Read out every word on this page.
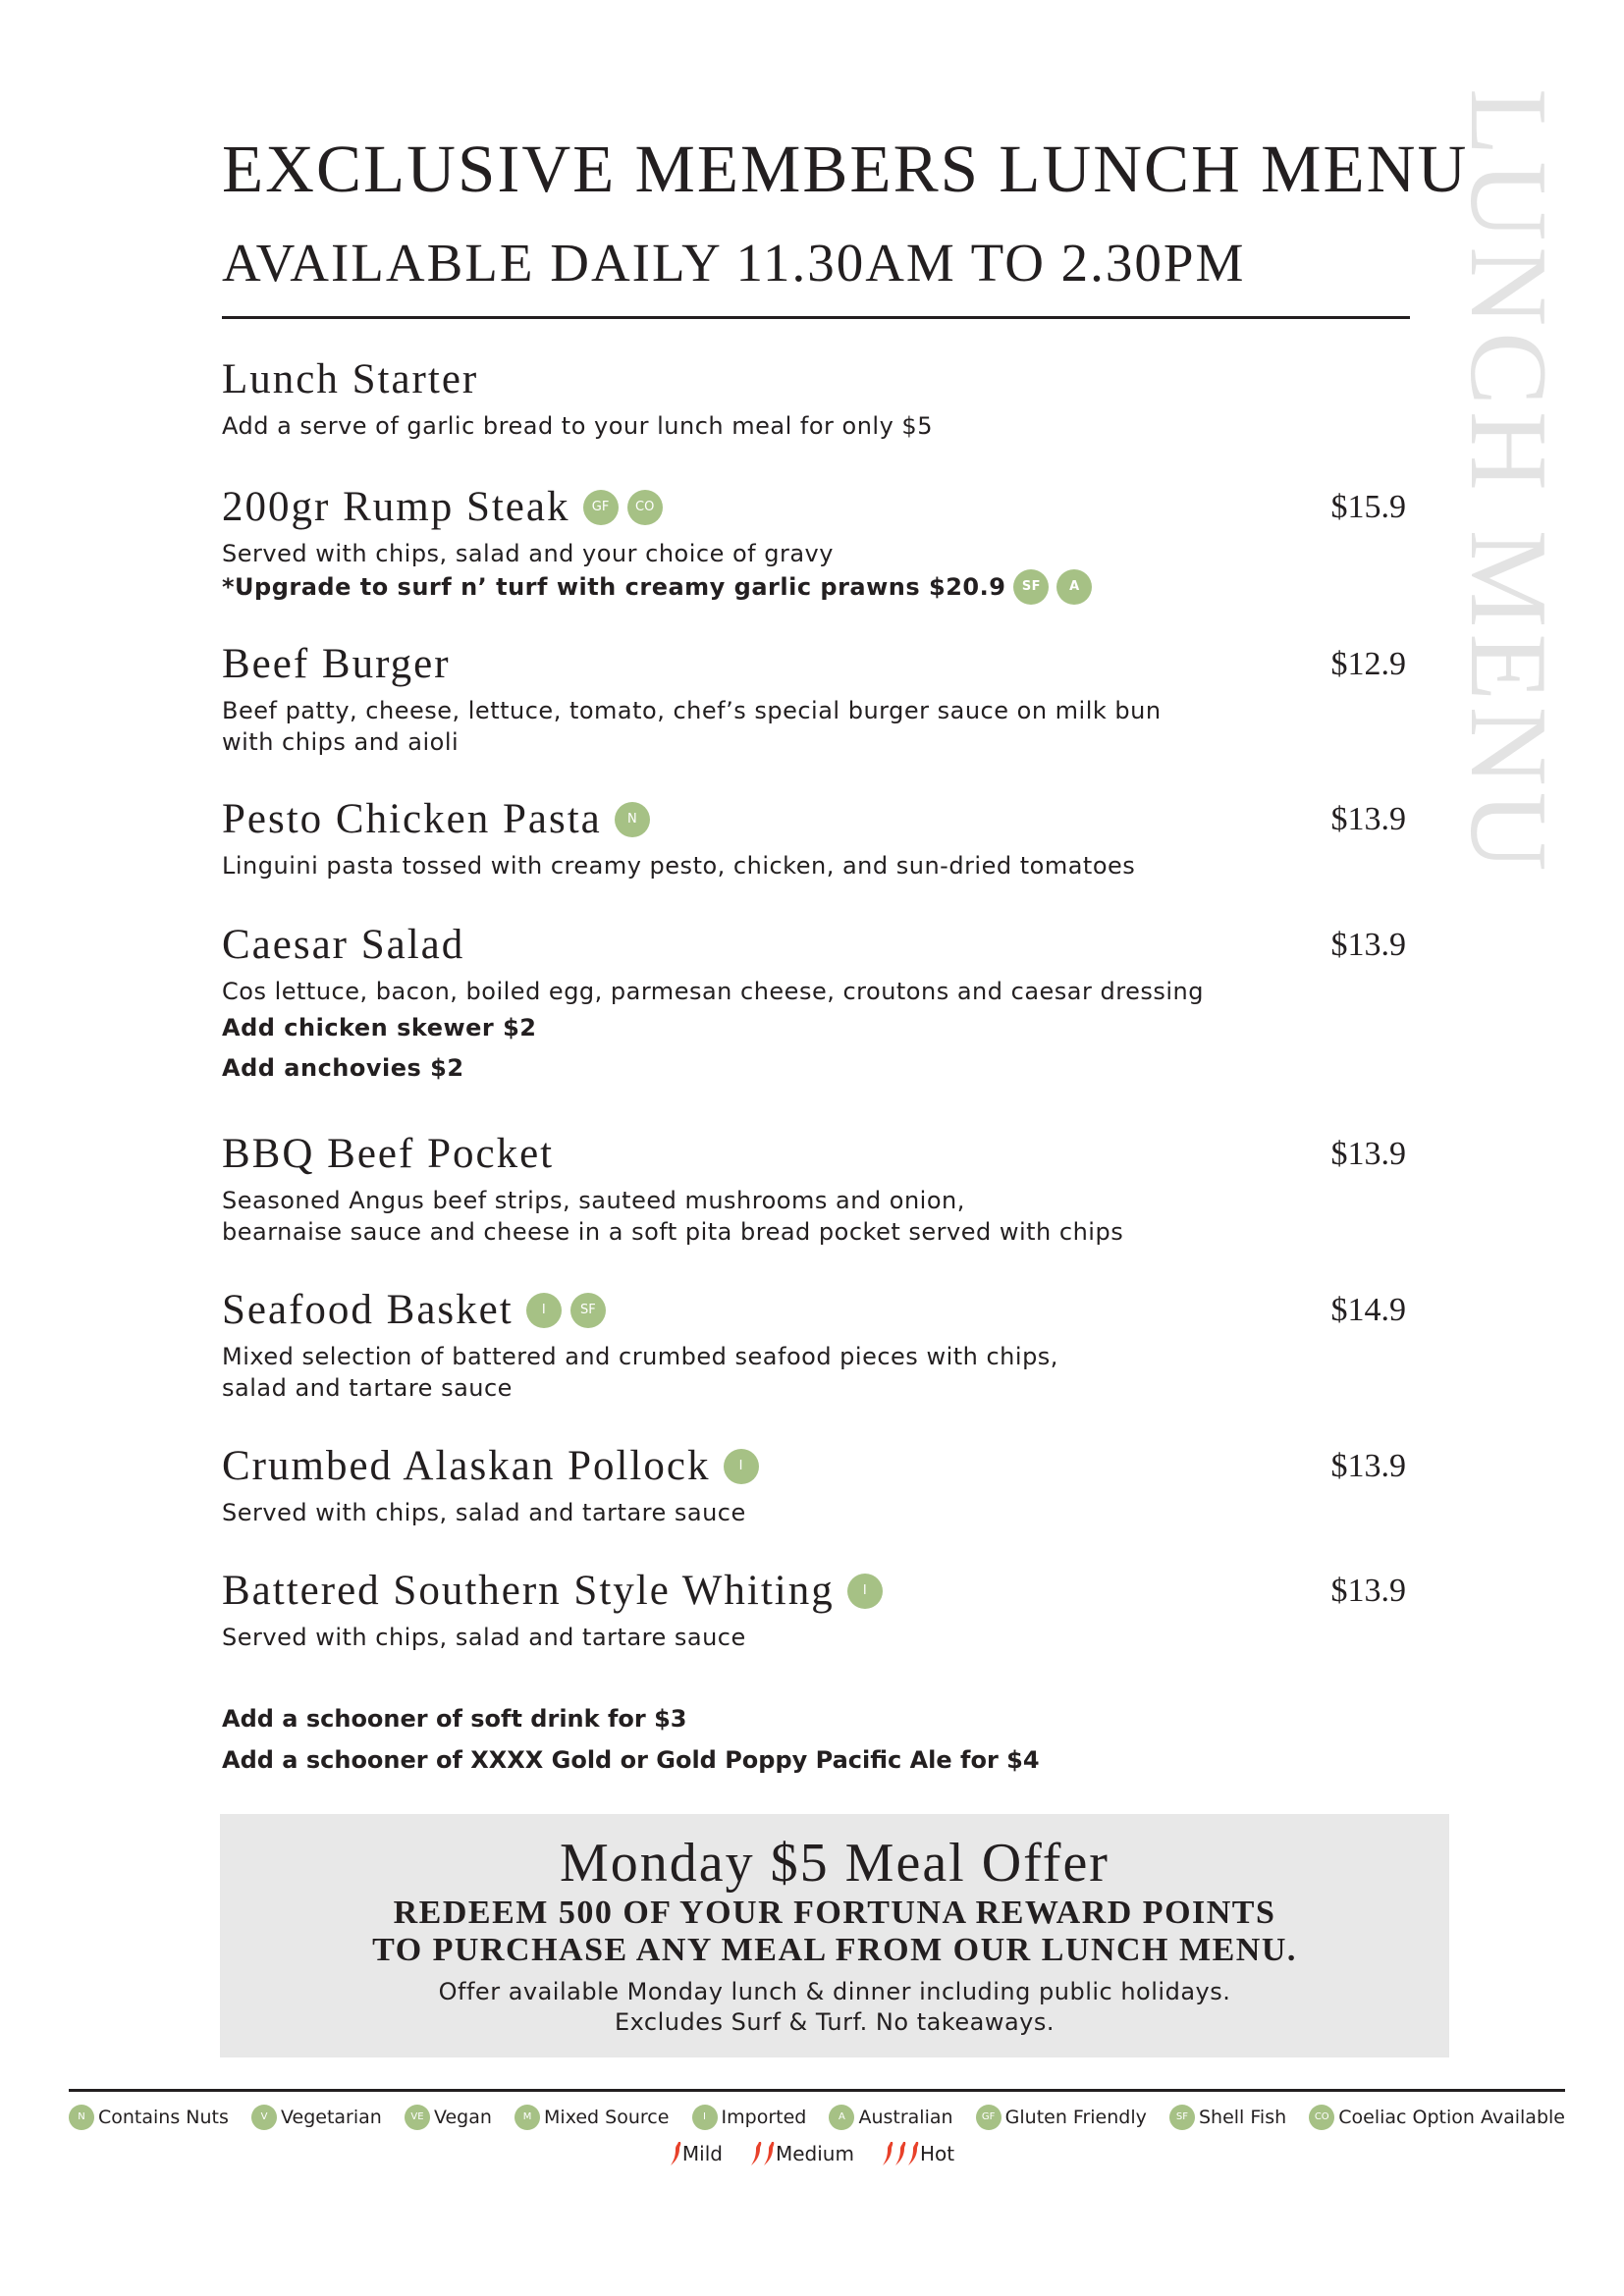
EXCLUSIVE MEMBERS LUNCH MENU
AVAILABLE DAILY 11.30AM TO 2.30PM LUNCH MENU
Lunch Starter
Add a serve of garlic bread to your lunch meal for only $5
200gr Rump Steak GF CO	$15.9
Served with chips, salad and your choice of gravy
*Upgrade to surf n’ turf with creamy garlic prawns $20.9	SF	A
Beef Burger	$12.9
Beef patty, cheese, lettuce, tomato, chef’s special burger sauce on milk bun
with chips and aioli
Pesto Chicken Pasta N	$13.9
Linguini pasta tossed with creamy pesto, chicken, and sun-dried tomatoes
Caesar Salad	$13.9
Cos lettuce, bacon, boiled egg, parmesan cheese, croutons and caesar dressing
Add chicken skewer $2
Add anchovies $2
BBQ Beef Pocket	$13.9
Seasoned Angus beef strips, sauteed mushrooms and onion,
bearnaise sauce and cheese in a soft pita bread pocket served with chips
Seafood Basket I	SF	$14.9
Mixed selection of battered and crumbed seafood pieces with chips,
salad and tartare sauce
Crumbed Alaskan Pollock I	$13.9
Served with chips, salad and tartare sauce
Battered Southern Style Whiting I	$13.9
Served with chips, salad and tartare sauce
Add a schooner of soft drink for $3
Add a schooner of XXXX Gold or Gold Poppy Pacific Ale for $4
Monday $5 Meal Offer
REDEEM 500 OF YOUR FORTUNA REWARD POINTS
TO PURCHASE ANY MEAL FROM OUR LUNCH MENU.
Offer available Monday lunch & dinner including public holidays.
Excludes Surf & Turf. No takeaways.
N Contains Nuts	V Vegetarian	VE Vegan	M Mixed Source	I Imported	A Australian	GF Gluten Friendly	SF Shell Fish	CO Coeliac Option Available
Mild	Medium	Hot
